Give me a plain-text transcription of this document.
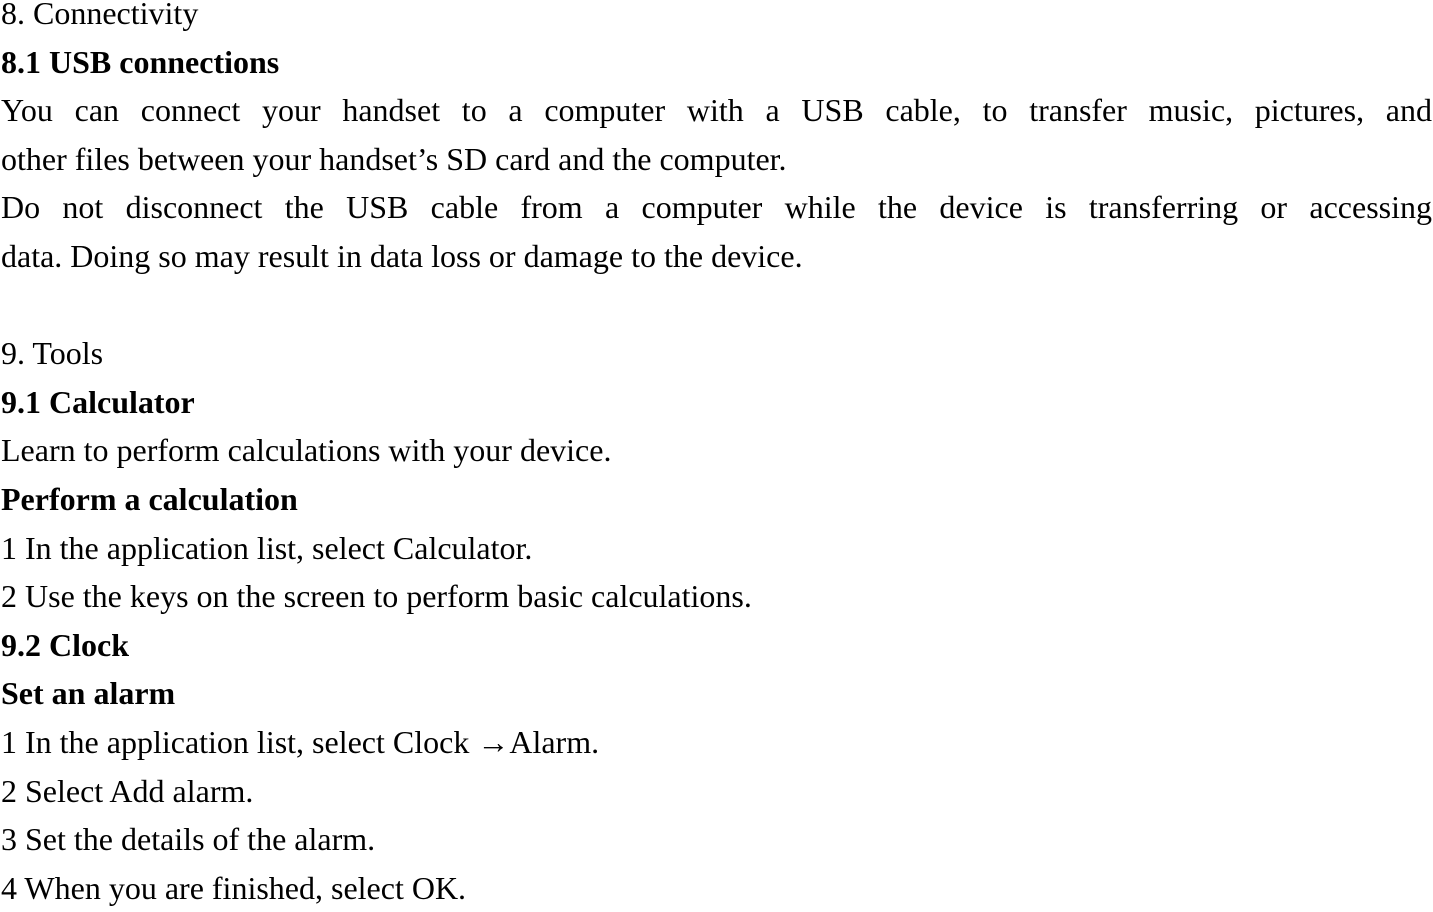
8. Connectivity
8.1 USB connections
You can connect your handset to a computer with a USB cable, to transfer music, pictures, and
other files between your handset’s SD card and the computer.
Do not disconnect the USB cable from a computer while the device is transferring or accessing
data. Doing so may result in data loss or damage to the device.
9. Tools
9.1 Calculator
Learn to perform calculations with your device.
Perform a calculation
1 In the application list, select Calculator.
2 Use the keys on the screen to perform basic calculations.
9.2 Clock
Set an alarm
1 In the application list, select Clock →Alarm.
2 Select Add alarm.
3 Set the details of the alarm.
4 When you are finished, select OK.
